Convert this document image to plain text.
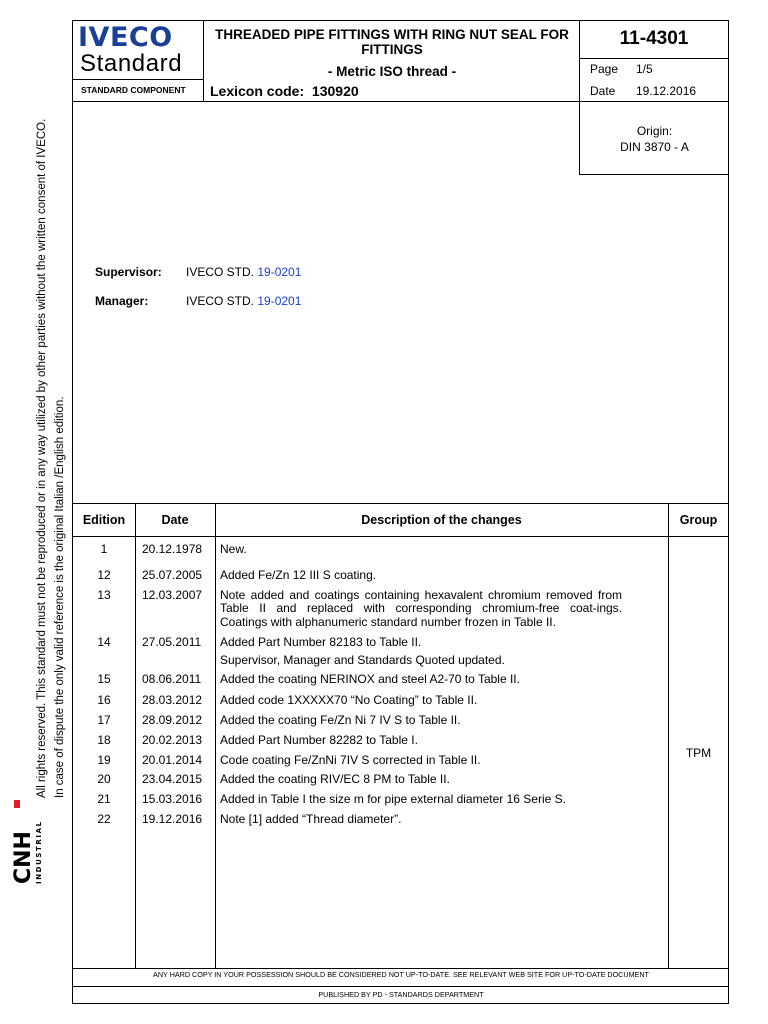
IVECO
Standard
STANDARD COMPONENT
THREADED PIPE FITTINGS WITH RING NUT SEAL FOR FITTINGS
- Metric ISO thread -
Lexicon code: 130920
11-4301
Page 1/5
Date 19.12.2016
Origin:
DIN 3870 - A
Supervisor: IVECO STD. 19-0201
Manager:	IVECO STD. 19-0201
Edition	Date	Description of the changes	Group
1	20.12.1978 New.
12	25.07.2005 Added Fe/Zn 12 III S coating.
13	12.03.2007 Note added and coatings containing hexavalent chromium removed from Table II and replaced with corresponding chromium-free coat-ings. Coatings with alphanumeric standard number frozen in Table II.
14	27.05.2011 Added Part Number 82183 to Table II.
Supervisor, Manager and Standards Quoted updated.
15	08.06.2011 Added the coating NERINOX and steel A2-70 to Table II.
16	28.03.2012 Added code 1XXXXX70 “No Coating” to Table II.
17	28.09.2012 Added the coating Fe/Zn Ni 7 IV S to Table II.
18	20.02.2013 Added Part Number 82282 to Table I.
19	20.01.2014 Code coating Fe/ZnNi 7IV S corrected in Table II.
20	23.04.2015 Added the coating RIV/EC 8 PM to Table II.
21	15.03.2016 Added in Table I the size m for pipe external diameter 16 Serie S.
22	19.12.2016 Note [1] added “Thread diameter”.
TPM
ANY HARD COPY IN YOUR POSSESSION SHOULD BE CONSIDERED NOT UP-TO-DATE. SEE RELEVANT WEB SITE FOR UP-TO-DATE DOCUMENT
PUBLISHED BY PD - STANDARDS DEPARTMENT
All rights reserved. This standard must not be reproduced or in any way utilized by other parties without the written consent of IVECO. In case of dispute the only valid reference is the original Italian /English edition.
CNH INDUSTRIAL
